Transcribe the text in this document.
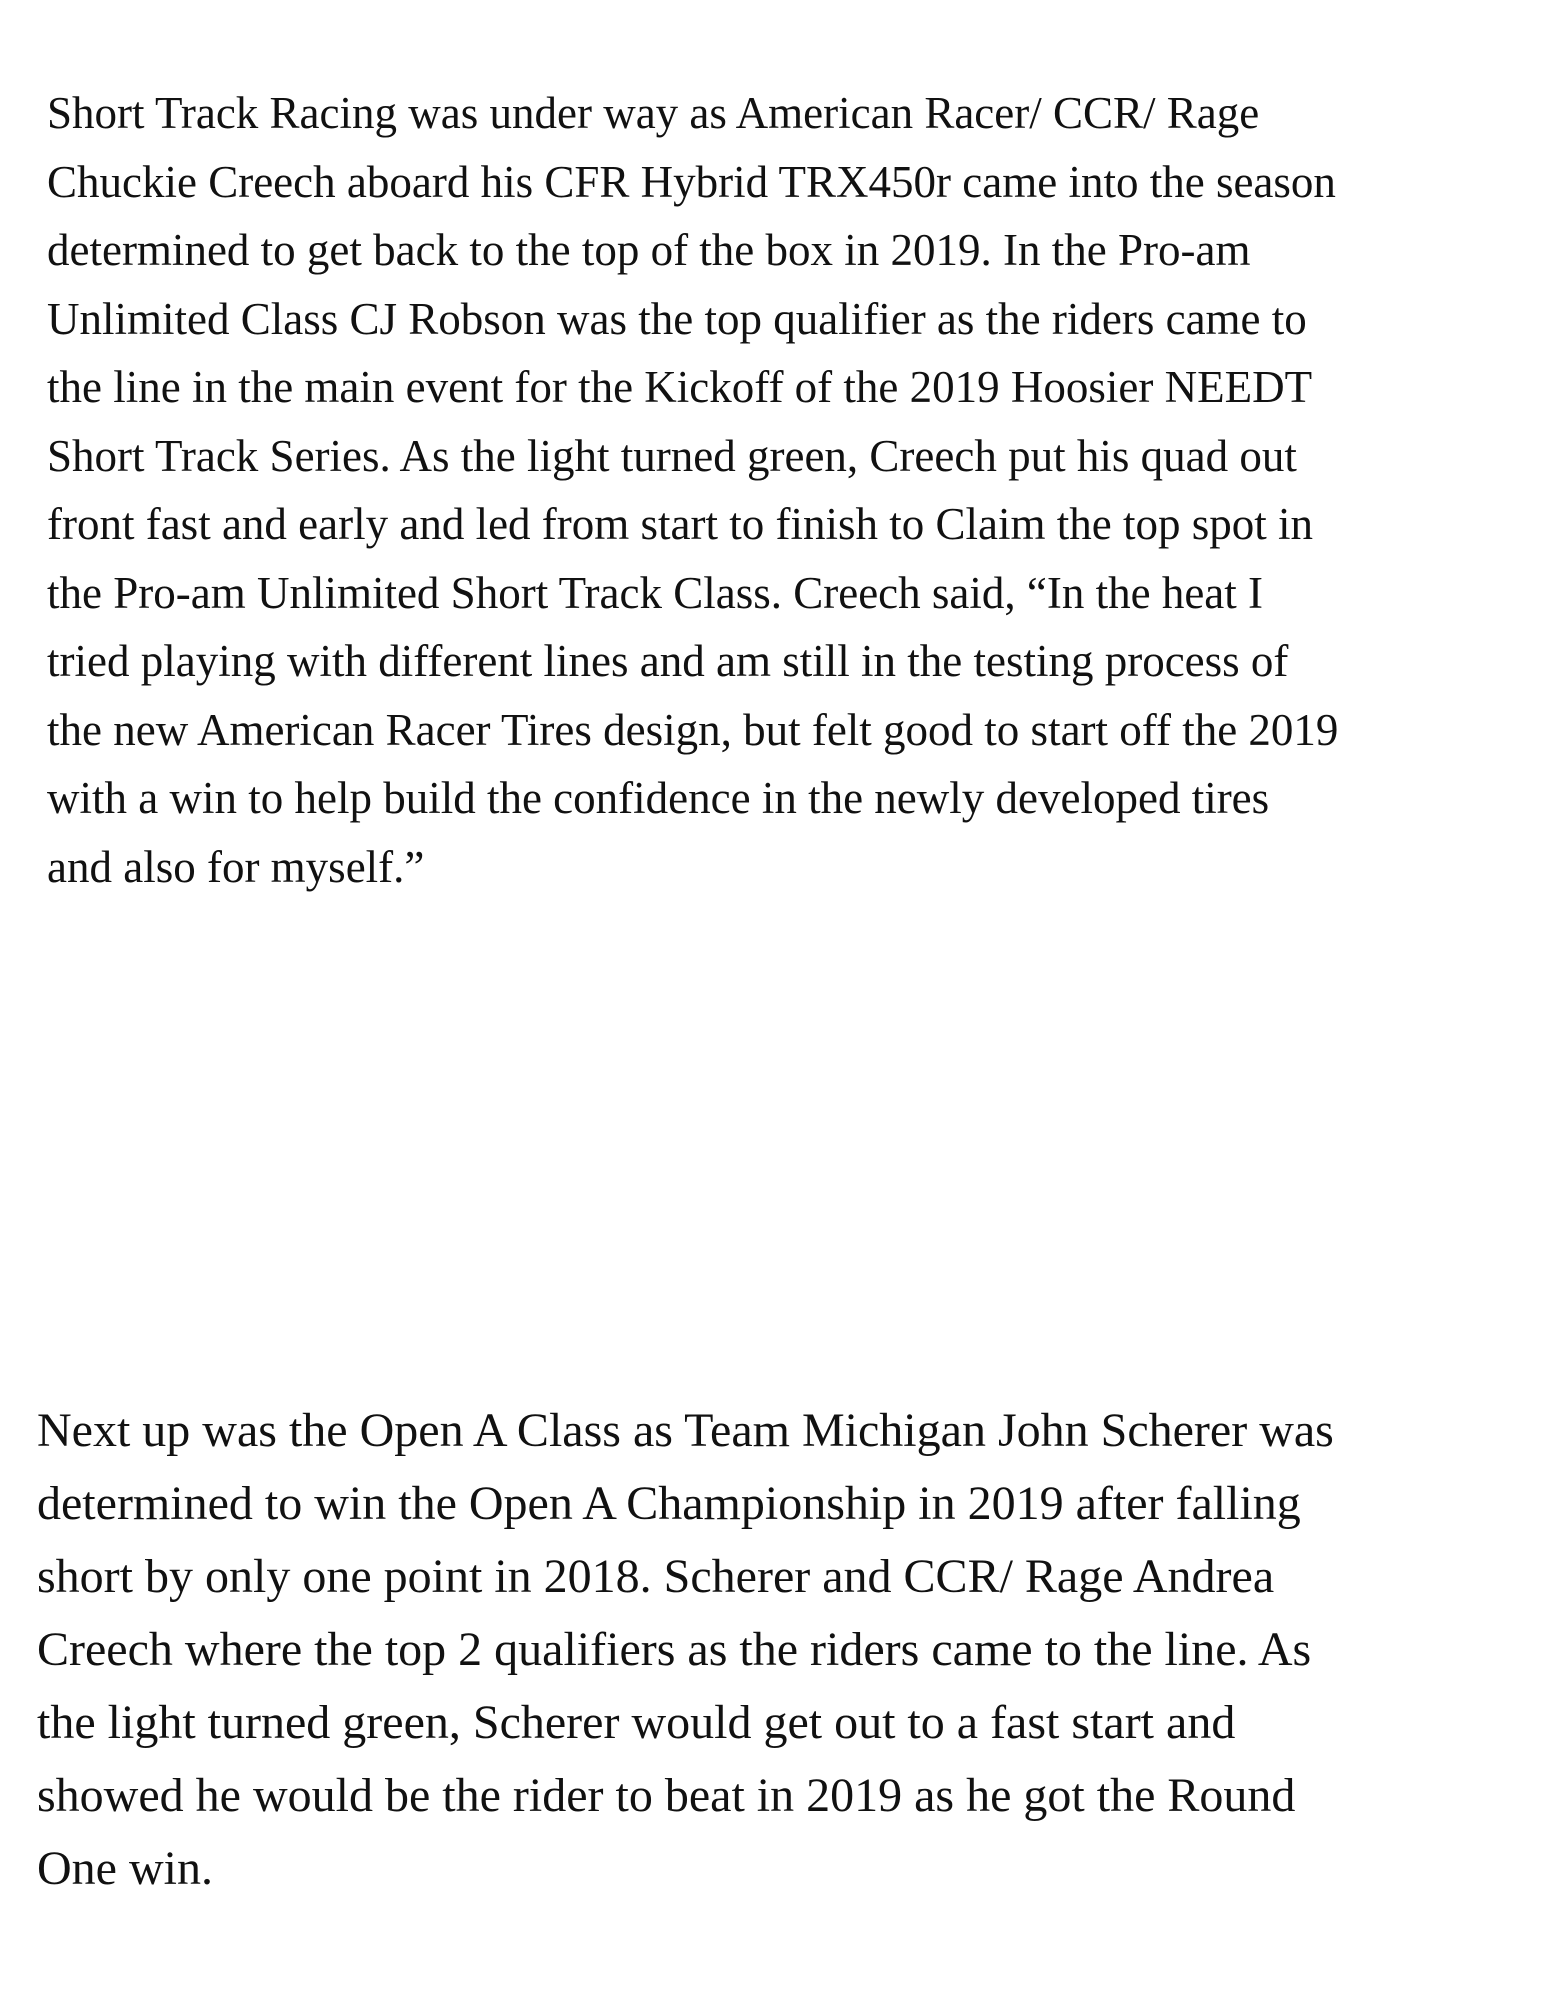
Short Track Racing was under way as American Racer/ CCR/ Rage
Chuckie Creech aboard his CFR Hybrid TRX450r came into the season
determined to get back to the top of the box in 2019. In the Pro-am
Unlimited Class CJ Robson was the top qualifier as the riders came to
the line in the main event for the Kickoff of the 2019 Hoosier NEEDT
Short Track Series. As the light turned green, Creech put his quad out
front fast and early and led from start to finish to Claim the top spot in
the Pro-am Unlimited Short Track Class. Creech said, “In the heat I
tried playing with different lines and am still in the testing process of
the new American Racer Tires design, but felt good to start off the 2019
with a win to help build the confidence in the newly developed tires
and also for myself.”
Next up was the Open A Class as Team Michigan John Scherer was
determined to win the Open A Championship in 2019 after falling
short by only one point in 2018. Scherer and CCR/ Rage Andrea
Creech where the top 2 qualifiers as the riders came to the line. As
the light turned green, Scherer would get out to a fast start and
showed he would be the rider to beat in 2019 as he got the Round
One win.
